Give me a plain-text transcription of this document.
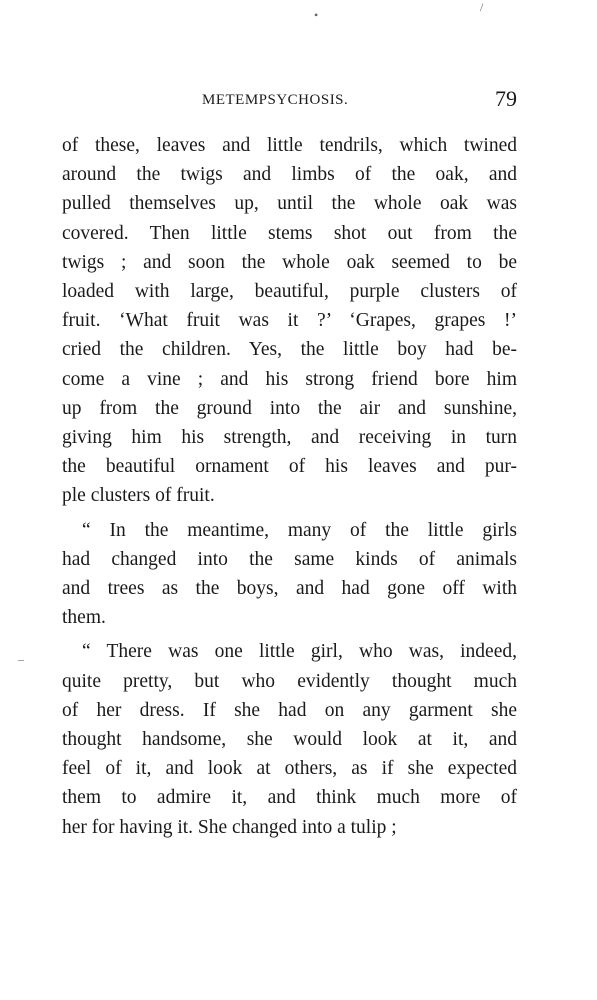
•
/
–
METEMPSYCHOSIS.	79
of these, leaves and little tendrils, which twined
around the twigs and limbs of the oak, and
pulled themselves up, until the whole oak was
covered. Then little stems shot out from the
twigs ; and soon the whole oak seemed to be
loaded with large, beautiful, purple clusters of
fruit. ‘What fruit was it ?’ ‘Grapes, grapes !’
cried the children. Yes, the little boy had be-
come a vine ; and his strong friend bore him
up from the ground into the air and sunshine,
giving him his strength, and receiving in turn
the beautiful ornament of his leaves and pur-
ple clusters of fruit.
“ In the meantime, many of the little girls
had changed into the same kinds of animals
and trees as the boys, and had gone off with
them.
“ There was one little girl, who was, indeed,
quite pretty, but who evidently thought much
of her dress. If she had on any garment she
thought handsome, she would look at it, and
feel of it, and look at others, as if she expected
them to admire it, and think much more of
her for having it. She changed into a tulip ;
